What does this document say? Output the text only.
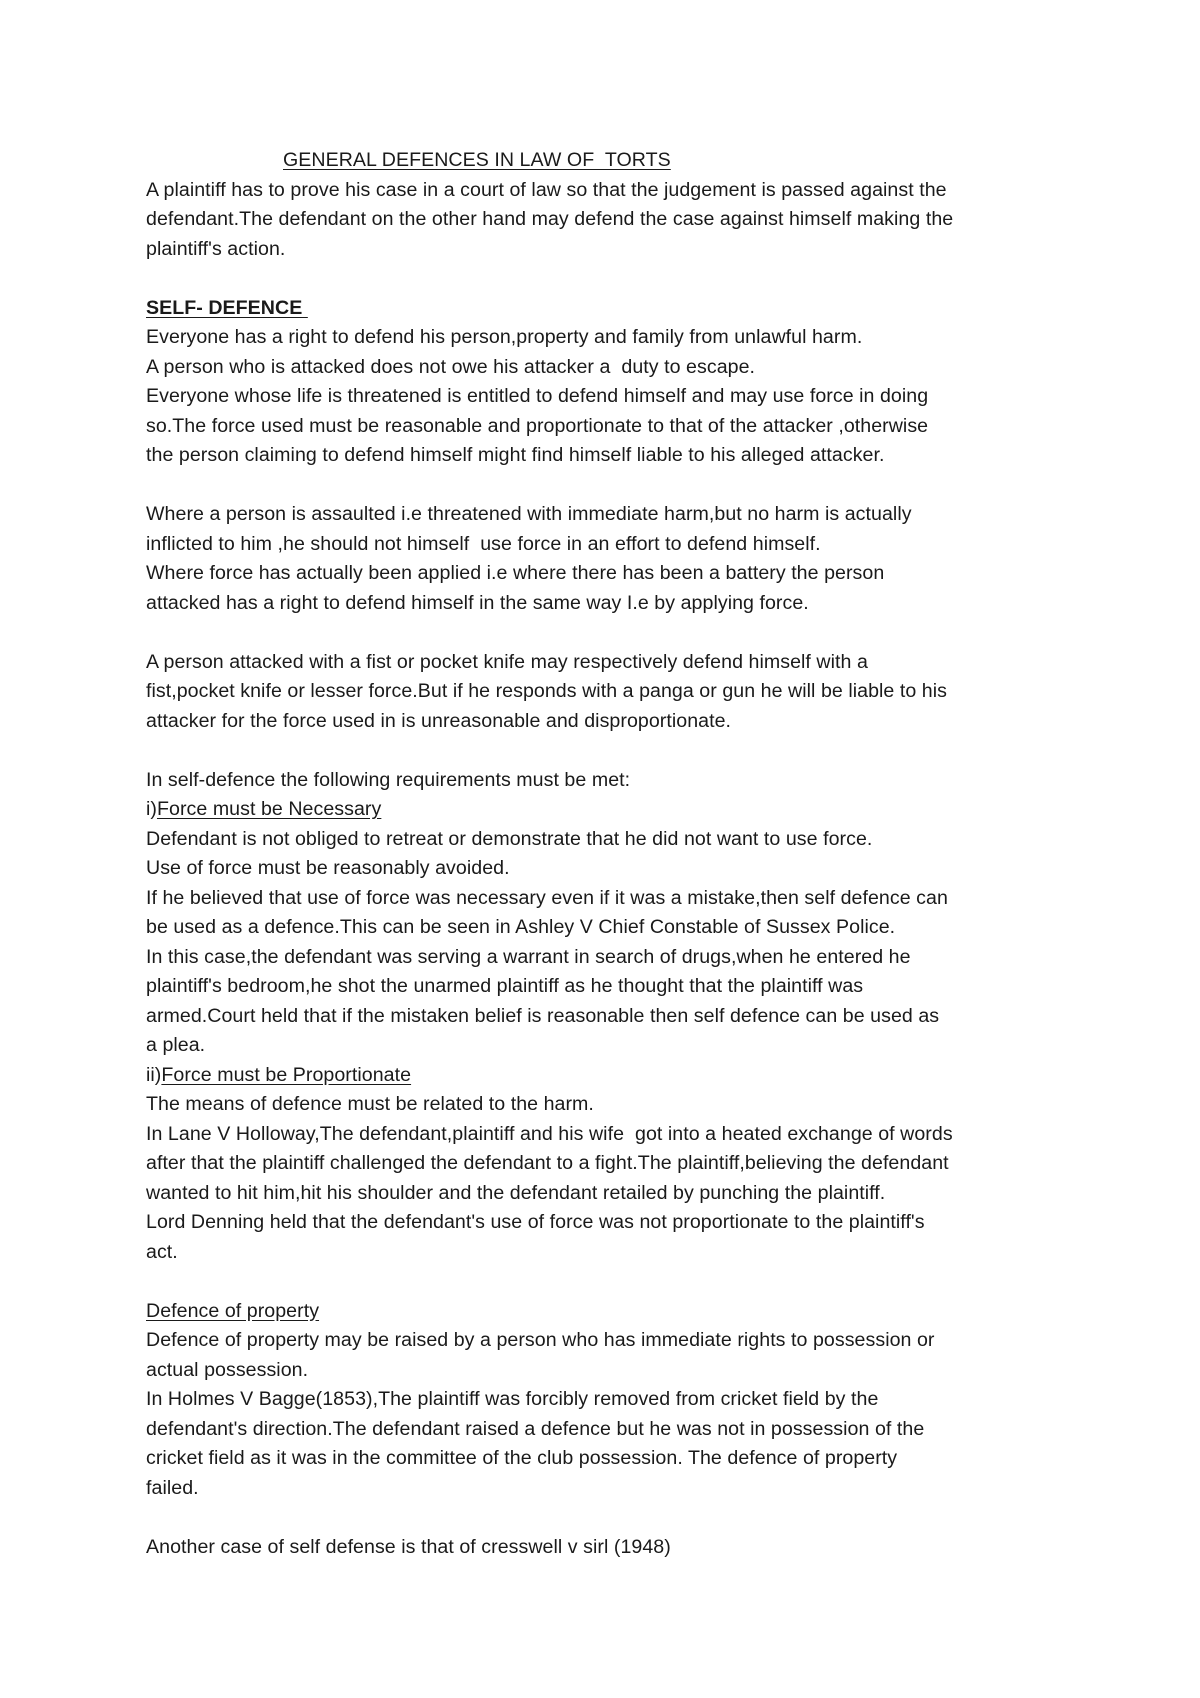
GENERAL DEFENCES IN LAW OF  TORTS
A plaintiff has to prove his case in a court of law so that the judgement is passed against the
defendant.The defendant on the other hand may defend the case against himself making the
plaintiff's action.
SELF- DEFENCE
Everyone has a right to defend his person,property and family from unlawful harm.
A person who is attacked does not owe his attacker a  duty to escape.
Everyone whose life is threatened is entitled to defend himself and may use force in doing
so.The force used must be reasonable and proportionate to that of the attacker ,otherwise
the person claiming to defend himself might find himself liable to his alleged attacker.
Where a person is assaulted i.e threatened with immediate harm,but no harm is actually
inflicted to him ,he should not himself  use force in an effort to defend himself.
Where force has actually been applied i.e where there has been a battery the person
attacked has a right to defend himself in the same way I.e by applying force.
A person attacked with a fist or pocket knife may respectively defend himself with a
fist,pocket knife or lesser force.But if he responds with a panga or gun he will be liable to his
attacker for the force used in is unreasonable and disproportionate.
In self-defence the following requirements must be met:
i)Force must be Necessary
Defendant is not obliged to retreat or demonstrate that he did not want to use force.
Use of force must be reasonably avoided.
If he believed that use of force was necessary even if it was a mistake,then self defence can
be used as a defence.This can be seen in Ashley V Chief Constable of Sussex Police.
In this case,the defendant was serving a warrant in search of drugs,when he entered he
plaintiff's bedroom,he shot the unarmed plaintiff as he thought that the plaintiff was
armed.Court held that if the mistaken belief is reasonable then self defence can be used as
a plea.
ii)Force must be Proportionate
The means of defence must be related to the harm.
In Lane V Holloway,The defendant,plaintiff and his wife  got into a heated exchange of words
after that the plaintiff challenged the defendant to a fight.The plaintiff,believing the defendant
wanted to hit him,hit his shoulder and the defendant retailed by punching the plaintiff.
Lord Denning held that the defendant's use of force was not proportionate to the plaintiff's
act.
Defence of property
Defence of property may be raised by a person who has immediate rights to possession or
actual possession.
In Holmes V Bagge(1853),The plaintiff was forcibly removed from cricket field by the
defendant's direction.The defendant raised a defence but he was not in possession of the
cricket field as it was in the committee of the club possession. The defence of property
failed.
Another case of self defense is that of cresswell v sirl (1948)
